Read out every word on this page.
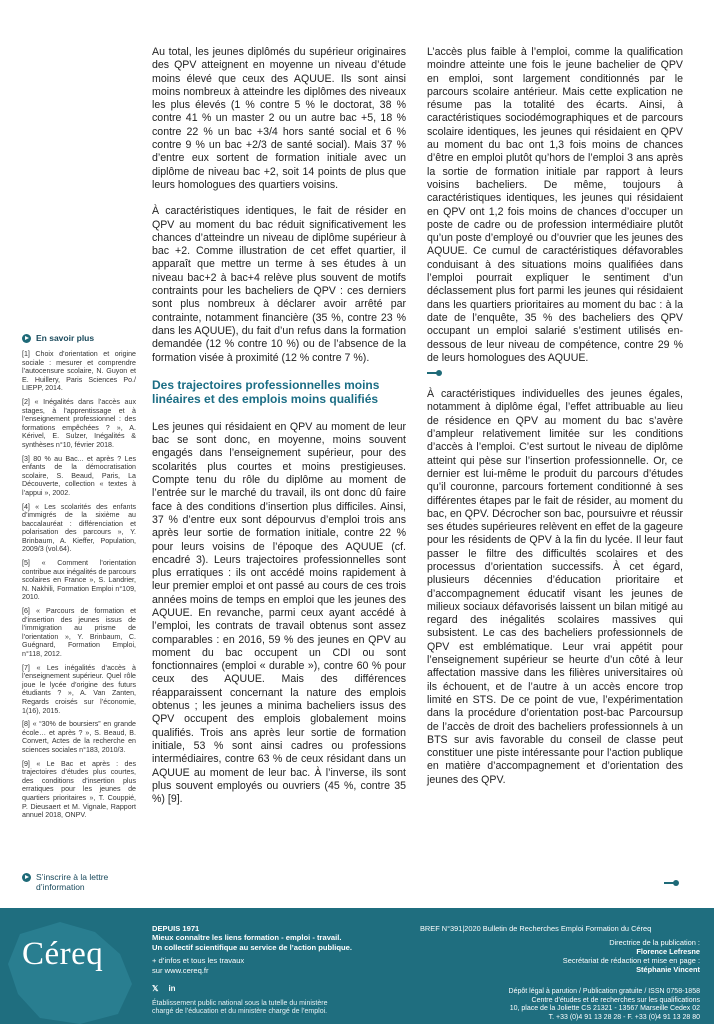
En savoir plus
[1] Choix d’orientation et origine sociale : mesurer et comprendre l’autocensure scolaire, N. Guyon et E. Huillery, Paris Sciences Po./ LIEPP, 2014.
[2] « Inégalités dans l’accès aux stages, à l’apprentissage et à l’enseignement professionnel : des formations empêchées ? », A. Kérivel, E. Sulzer, Inégalités & synthèses n°10, février 2018.
[3] 80 % au Bac... et après ? Les enfants de la démocratisation scolaire, S. Beaud, Paris, La Découverte, collection « textes à l’appui », 2002.
[4] « Les scolarités des enfants d’immigrés de la sixième au baccalauréat : différenciation et polarisation des parcours », Y. Brinbaum, A. Kieffer, Population, 2009/3 (vol.64).
[5] « Comment l’orientation contribue aux inégalités de parcours scolaires en France », S. Landrier, N. Nakhili, Formation Emploi n°109, 2010.
[6] « Parcours de formation et d’insertion des jeunes issus de l’immigration au prisme de l’orientation », Y. Brinbaum, C. Guégnard, Formation Emploi, n°118, 2012.
[7] « Les inégalités d’accès à l’enseignement supérieur. Quel rôle joue le lycée d’origine des futurs étudiants ? », A. Van Zanten, Regards croisés sur l’économie, 1(16), 2015.
[8] « “30% de boursiers” en grande école… et après ? », S. Beaud, B. Convert, Actes de la recherche en sciences sociales n°183, 2010/3.
[9] « Le Bac et après : des trajectoires d’études plus courtes, des conditions d’insertion plus erratiques pour les jeunes de quartiers prioritaires », T. Couppié, P. Dieusaert et M. Vignale, Rapport annuel 2018, ONPV.
S’inscrire à la lettre d’information

Au total, les jeunes diplômés du supérieur originaires des QPV atteignent en moyenne un niveau d’étude moins élevé que ceux des AQUUE. Ils sont ainsi moins nombreux à atteindre les diplômes des niveaux les plus élevés (1 % contre 5 % le doctorat, 38 % contre 41 % un master 2 ou un autre bac +5, 18 % contre 22 % un bac +3/4 hors santé social et 6 % contre 9 % un bac +2/3 de santé social). Mais 37 % d’entre eux sortent de formation initiale avec un diplôme de niveau bac +2, soit 14 points de plus que leurs homologues des quartiers voisins.

À caractéristiques identiques, le fait de résider en QPV au moment du bac réduit significativement les chances d’atteindre un niveau de diplôme supérieur à bac +2. Comme illustration de cet effet quartier, il apparaît que mettre un terme à ses études à un niveau bac+2 à bac+4 relève plus souvent de motifs contraints pour les bacheliers de QPV : ces derniers sont plus nombreux à déclarer avoir arrêté par contrainte, notamment financière (35 %, contre 23 % dans les AQUUE), du fait d’un refus dans la formation demandée (12 % contre 10 %) ou de l’absence de la formation visée à proximité (12 % contre 7 %).

Des trajectoires professionnelles moins linéaires et des emplois moins qualifiés

Les jeunes qui résidaient en QPV au moment de leur bac se sont donc, en moyenne, moins souvent engagés dans l’enseignement supérieur, pour des scolarités plus courtes et moins prestigieuses. Compte tenu du rôle du diplôme au moment de l’entrée sur le marché du travail, ils ont donc dû faire face à des conditions d’insertion plus difficiles. Ainsi, 37 % d’entre eux sont dépourvus d’emploi trois ans après leur sortie de formation initiale, contre 22 % pour leurs voisins de l’époque des AQUUE (cf. encadré 3). Leurs trajectoires professionnelles sont plus erratiques : ils ont accédé moins rapidement à leur premier emploi et ont passé au cours de ces trois années moins de temps en emploi que les jeunes des AQUUE. En revanche, parmi ceux ayant accédé à l’emploi, les contrats de travail obtenus sont assez comparables : en 2016, 59 % des jeunes en QPV au moment du bac occupent un CDI ou sont fonctionnaires (emploi « durable »), contre 60 % pour ceux des AQUUE. Mais des différences réapparaissent concernant la nature des emplois obtenus ; les jeunes a minima bacheliers issus des QPV occupent des emplois globalement moins qualifiés. Trois ans après leur sortie de formation initiale, 53 % sont ainsi cadres ou professions intermédiaires, contre 63 % de ceux résidant dans un AQUUE au moment de leur bac. À l’inverse, ils sont plus souvent employés ou ouvriers (45 %, contre 35 %) [9].

L’accès plus faible à l’emploi, comme la qualification moindre atteinte une fois le jeune bachelier de QPV en emploi, sont largement conditionnés par le parcours scolaire antérieur. Mais cette explication ne résume pas la totalité des écarts. Ainsi, à caractéristiques sociodémographiques et de parcours scolaire identiques, les jeunes qui résidaient en QPV au moment du bac ont 1,3 fois moins de chances d’être en emploi plutôt qu’hors de l’emploi 3 ans après la sortie de formation initiale par rapport à leurs voisins bacheliers. De même, toujours à caractéristiques identiques, les jeunes qui résidaient en QPV ont 1,2 fois moins de chances d’occuper un poste de cadre ou de profession intermédiaire plutôt qu’un poste d’employé ou d’ouvrier que les jeunes des AQUUE. Ce cumul de caractéristiques défavorables conduisant à des situations moins qualifiées dans l’emploi pourrait expliquer le sentiment d’un déclassement plus fort parmi les jeunes qui résidaient dans les quartiers prioritaires au moment du bac : à la date de l’enquête, 35 % des bacheliers des QPV occupant un emploi salarié s’estiment utilisés en-dessous de leur niveau de compétence, contre 29 % de leurs homologues des AQUUE.

À caractéristiques individuelles des jeunes égales, notamment à diplôme égal, l’effet attribuable au lieu de résidence en QPV au moment du bac s’avère d’ampleur relativement limitée sur les conditions d’accès à l’emploi. C’est surtout le niveau de diplôme atteint qui pèse sur l’insertion professionnelle. Or, ce dernier est lui-même le produit du parcours d’études qu’il couronne, parcours fortement conditionné à ses différentes étapes par le fait de résider, au moment du bac, en QPV. Décrocher son bac, poursuivre et réussir ses études supérieures relèvent en effet de la gageure pour les résidents de QPV à la fin du lycée. Il leur faut passer le filtre des difficultés scolaires et des processus d’orientation successifs. À cet égard, plusieurs décennies d’éducation prioritaire et d’accompagnement éducatif visant les jeunes de milieux sociaux défavorisés laissent un bilan mitigé au regard des inégalités scolaires massives qui subsistent. Le cas des bacheliers professionnels de QPV est emblématique. Leur vrai appétit pour l’enseignement supérieur se heurte d’un côté à leur affectation massive dans les filières universitaires où ils échouent, et de l’autre à un accès encore trop limité en STS. De ce point de vue, l’expérimentation dans la procédure d’orientation post-bac Parcoursup de l’accès de droit des bacheliers professionnels à un BTS sur avis favorable du conseil de classe peut constituer une piste intéressante pour l’action publique en matière d’accompagnement et d’orientation des jeunes des QPV.

Céreq
DEPUIS 1971
Mieux connaître les liens formation - emploi - travail.
Un collectif scientifique au service de l’action publique.
+ d’infos et tous les travaux
sur www.cereq.fr
𝕏 in
Établissement public national sous la tutelle du ministère
chargé de l’éducation et du ministère chargé de l’emploi.
BREF N°391|2020 Bulletin de Recherches Emploi Formation du Céreq
Directrice de la publication :
Florence Lefresne
Secrétariat de rédaction et mise en page :
Stéphanie Vincent
Dépôt légal à parution / Publication gratuite / ISSN 0758-1858
Centre d’études et de recherches sur les qualifications
10, place de la Joliette CS 21321 - 13567 Marseille Cedex 02
T. +33 (0)4 91 13 28 28 - F. +33 (0)4 91 13 28 80
